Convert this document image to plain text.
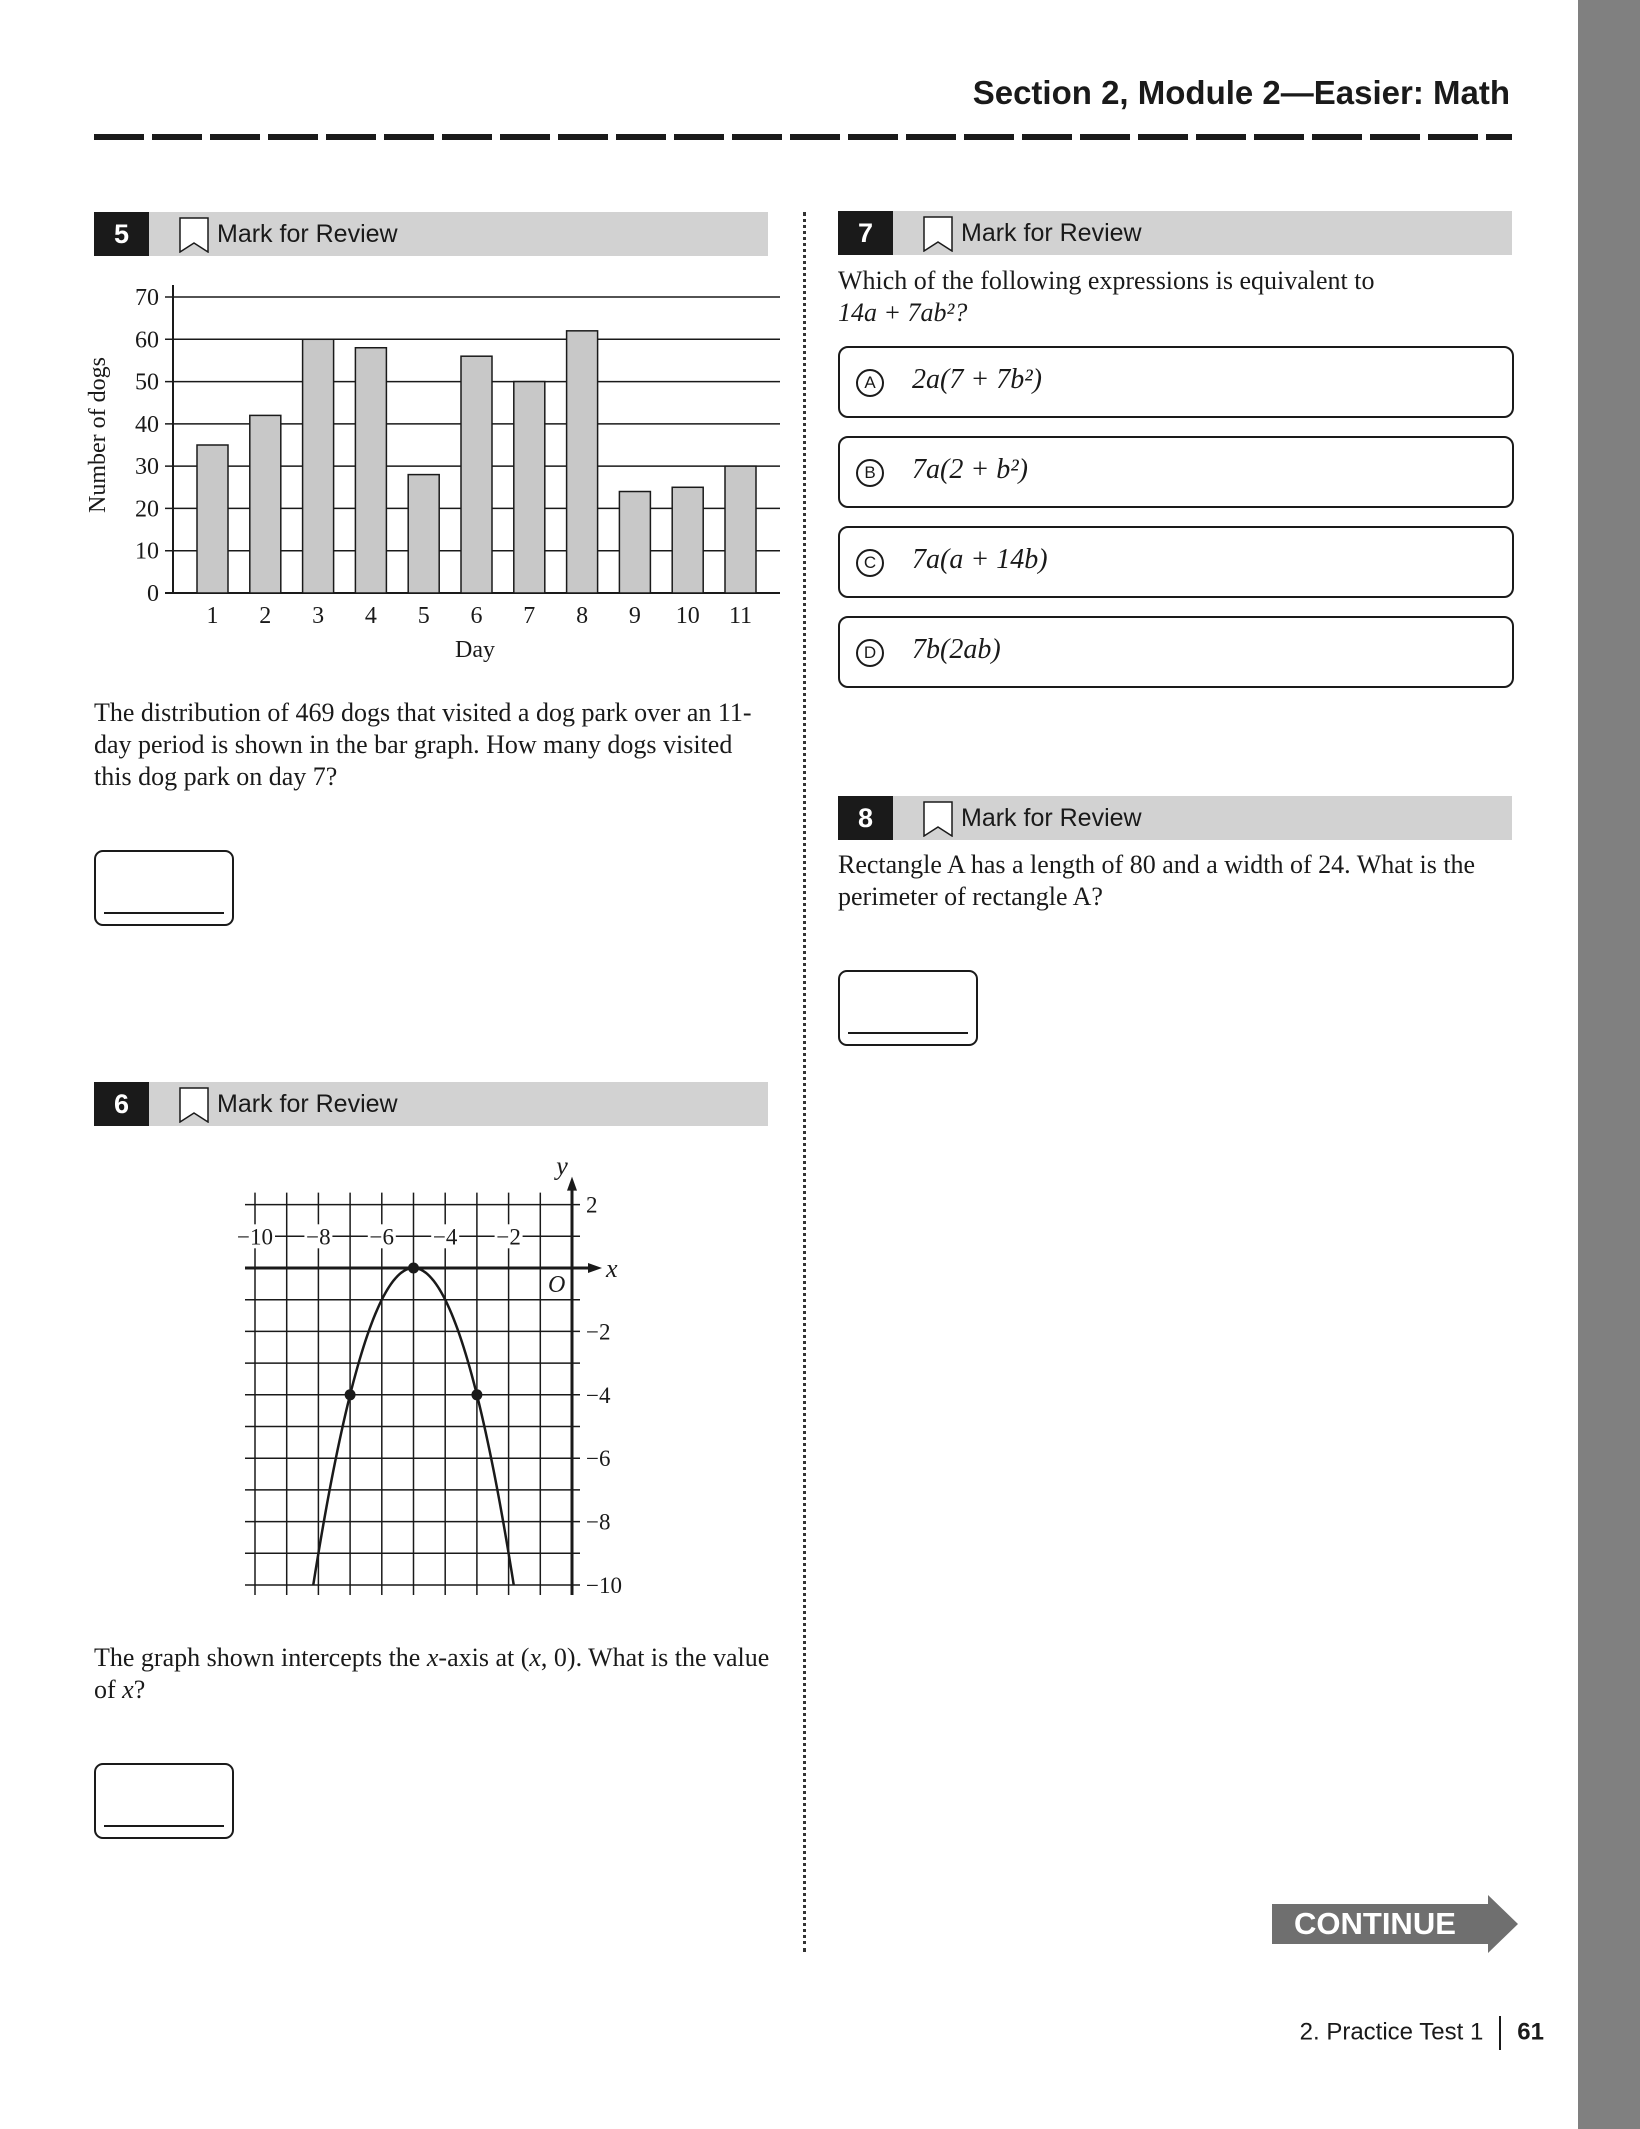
Section 2, Module 2—Easier: Math
5	Mark for Review
0
10
20
30
40
50
60
70
1 2 3 4 5 6 7 8 9 10 11
Day
Number of dogs
The distribution of 469 dogs that visited a dog park over an 11-day period is shown in the bar graph. How many dogs visited this dog park on day 7?
6	Mark for Review
x
y
O
−10 −8 −6 −4 −2
2
−2
−4
−6
−8
−10
The graph shown intercepts the x-axis at (x, 0). What is the value of x?
7	Mark for Review
Which of the following expressions is equivalent to
14a + 7ab²?
A 2a(7 + 7b²)
B 7a(2 + b²)
C 7a(a + 14b)
D 7b(2ab)
8	Mark for Review
Rectangle A has a length of 80 and a width of 24. What is the perimeter of rectangle A?
CONTINUE
2. Practice Test 1 61
